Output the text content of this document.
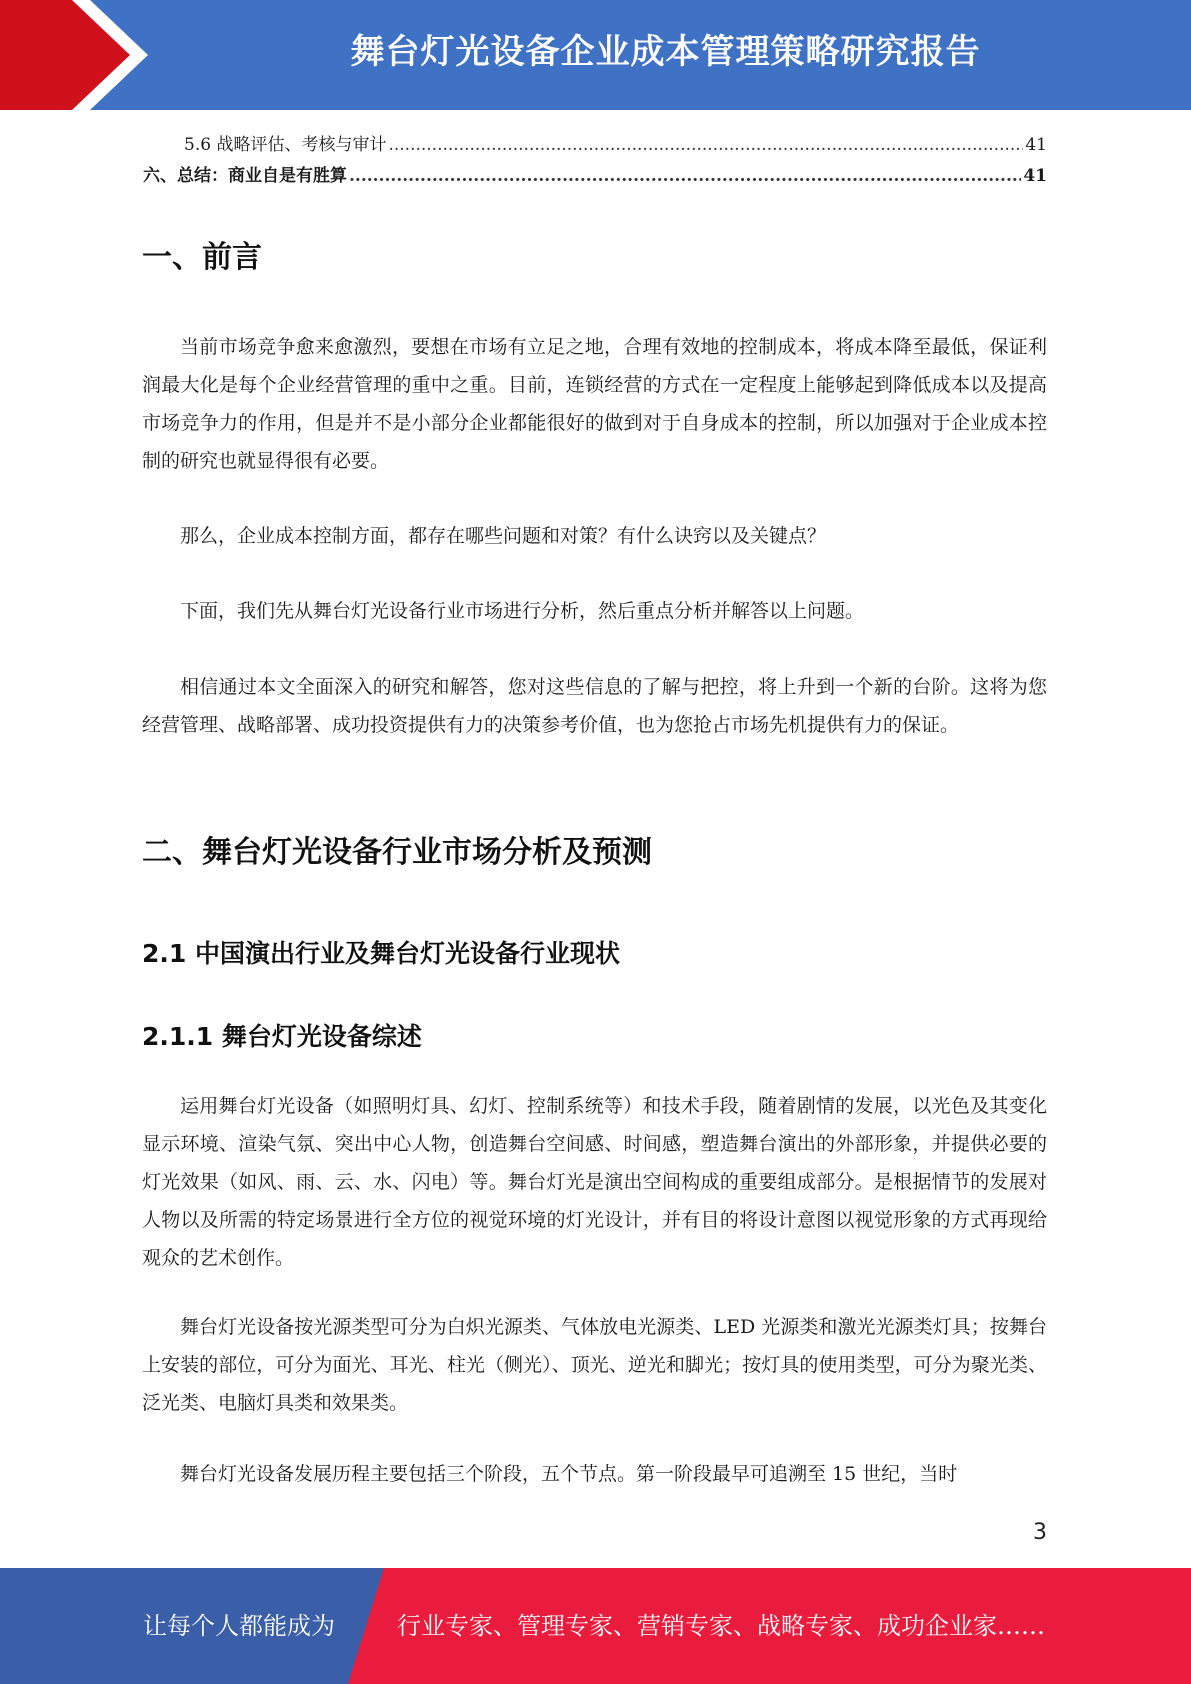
舞台灯光设备企业成本管理策略研究报告
5.6 战略评估、考核与审计 .....	41
六、总结：商业自是有胜算 .....	41
一、前言

当前市场竞争愈来愈激烈，要想在市场有立足之地，合理有效地的控制成本，将成本降至最低，保证利润最大化是每个企业经营管理的重中之重。目前，连锁经营的方式在一定程度上能够起到降低成本以及提高市场竞争力的作用，但是并不是小部分企业都能很好的做到对于自身成本的控制，所以加强对于企业成本控制的研究也就显得很有必要。

那么，企业成本控制方面，都存在哪些问题和对策？有什么诀窍以及关键点？

下面，我们先从舞台灯光设备行业市场进行分析，然后重点分析并解答以上问题。

相信通过本文全面深入的研究和解答，您对这些信息的了解与把控，将上升到一个新的台阶。这将为您经营管理、战略部署、成功投资提供有力的决策参考价值，也为您抢占市场先机提供有力的保证。

二、舞台灯光设备行业市场分析及预测
2.1 中国演出行业及舞台灯光设备行业现状
2.1.1 舞台灯光设备综述

运用舞台灯光设备（如照明灯具、幻灯、控制系统等）和技术手段，随着剧情的发展，以光色及其变化显示环境、渲染气氛、突出中心人物，创造舞台空间感、时间感，塑造舞台演出的外部形象，并提供必要的灯光效果（如风、雨、云、水、闪电）等。舞台灯光是演出空间构成的重要组成部分。是根据情节的发展对人物以及所需的特定场景进行全方位的视觉环境的灯光设计，并有目的将设计意图以视觉形象的方式再现给观众的艺术创作。

舞台灯光设备按光源类型可分为白炽光源类、气体放电光源类、LED 光源类和激光光源类灯具；按舞台上安装的部位，可分为面光、耳光、柱光（侧光）、顶光、逆光和脚光；按灯具的使用类型，可分为聚光类、泛光类、电脑灯具类和效果类。

舞台灯光设备发展历程主要包括三个阶段，五个节点。第一阶段最早可追溯至 15 世纪，当时

3
让每个人都能成为	行业专家、管理专家、营销专家、战略专家、成功企业家……
